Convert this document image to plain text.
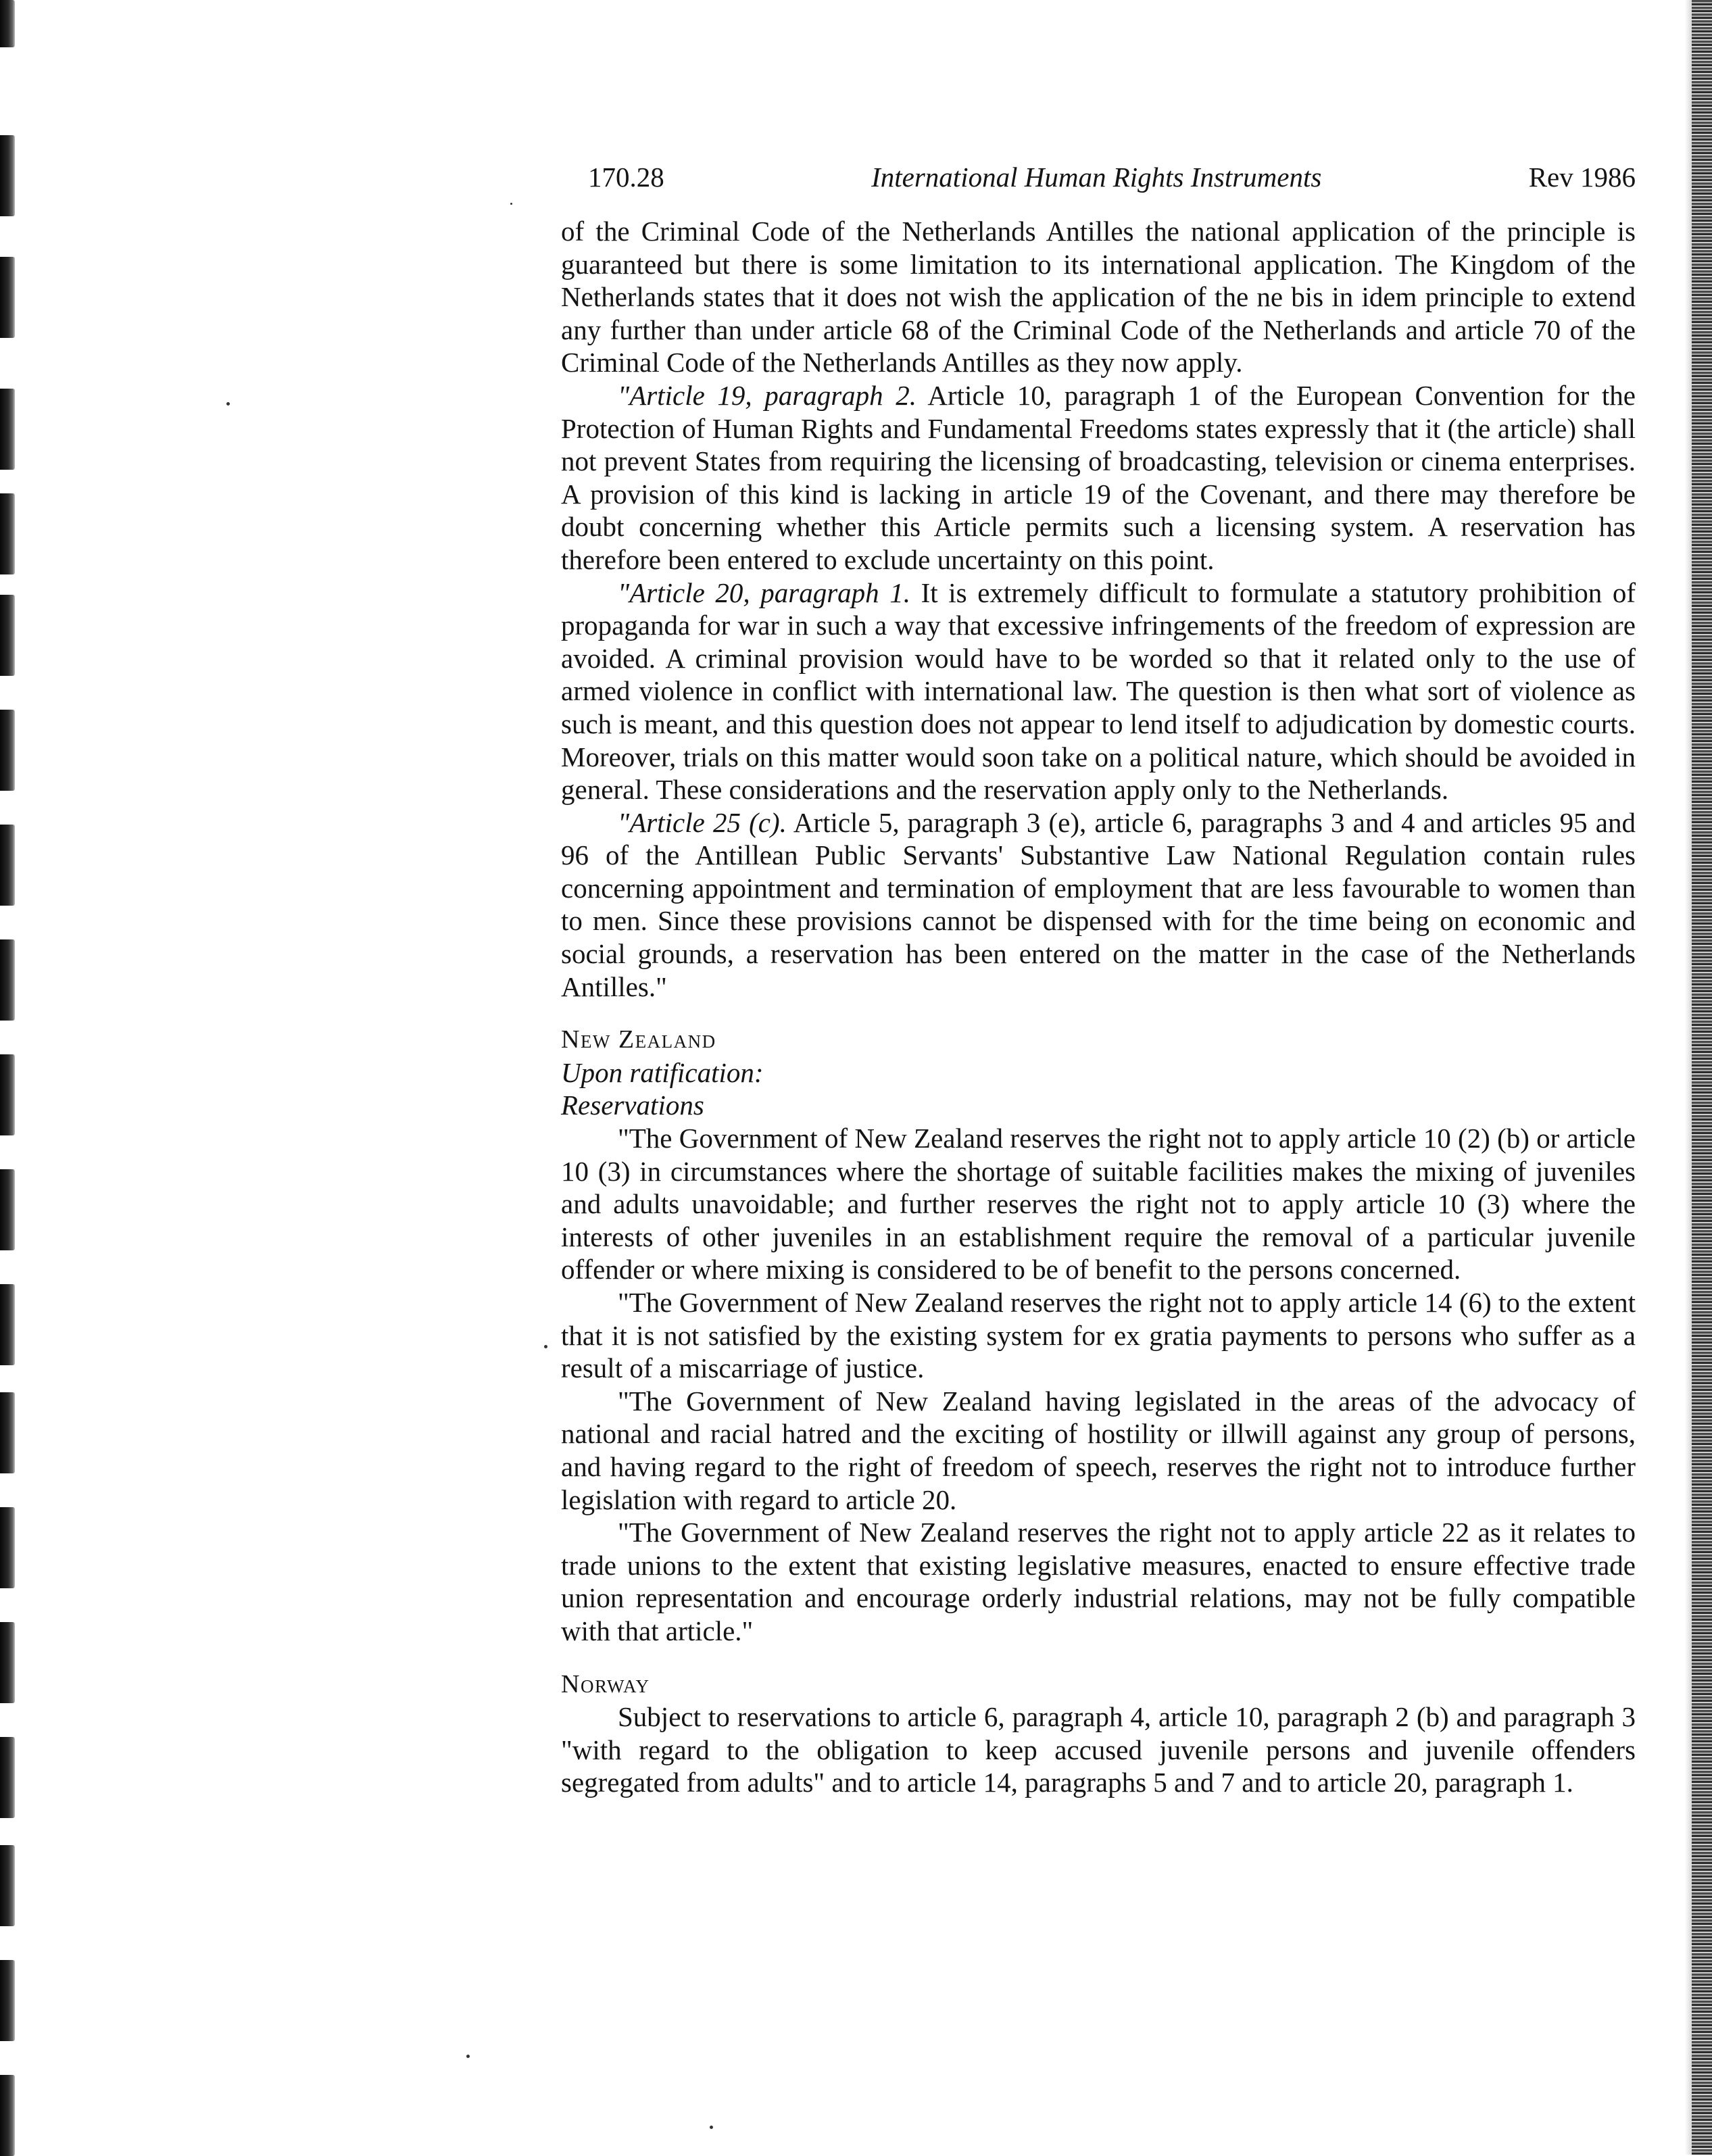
170.28	International Human Rights Instruments	Rev 1986

of the Criminal Code of the Netherlands Antilles the national application of the principle is guaranteed but there is some limitation to its international application. The Kingdom of the Netherlands states that it does not wish the application of the ne bis in idem principle to extend any further than under article 68 of the Criminal Code of the Netherlands and article 70 of the Criminal Code of the Netherlands Antilles as they now apply.

"Article 19, paragraph 2. Article 10, paragraph 1 of the European Convention for the Protection of Human Rights and Fundamental Freedoms states expressly that it (the article) shall not prevent States from requiring the licensing of broadcasting, television or cinema enterprises. A provision of this kind is lacking in article 19 of the Covenant, and there may therefore be doubt concerning whether this Article permits such a licensing system. A reservation has therefore been entered to exclude uncertainty on this point.

"Article 20, paragraph 1. It is extremely difficult to formulate a statutory prohibition of propaganda for war in such a way that excessive infringements of the freedom of expression are avoided. A criminal provision would have to be worded so that it related only to the use of armed violence in conflict with international law. The question is then what sort of violence as such is meant, and this question does not appear to lend itself to adjudication by domestic courts. Moreover, trials on this matter would soon take on a political nature, which should be avoided in general. These considerations and the reservation apply only to the Netherlands.

"Article 25 (c). Article 5, paragraph 3 (e), article 6, paragraphs 3 and 4 and articles 95 and 96 of the Antillean Public Servants' Substantive Law National Regulation contain rules concerning appointment and termination of employment that are less favourable to women than to men. Since these provisions cannot be dispensed with for the time being on economic and social grounds, a reservation has been entered on the matter in the case of the Netherlands Antilles."

New Zealand

Upon ratification:

Reservations

"The Government of New Zealand reserves the right not to apply article 10 (2) (b) or article 10 (3) in circumstances where the shortage of suitable facilities makes the mixing of juveniles and adults unavoidable; and further reserves the right not to apply article 10 (3) where the interests of other juveniles in an establishment require the removal of a particular juvenile offender or where mixing is considered to be of benefit to the persons concerned.

"The Government of New Zealand reserves the right not to apply article 14 (6) to the extent that it is not satisfied by the existing system for ex gratia payments to persons who suffer as a result of a miscarriage of justice.

"The Government of New Zealand having legislated in the areas of the advocacy of national and racial hatred and the exciting of hostility or illwill against any group of persons, and having regard to the right of freedom of speech, reserves the right not to introduce further legislation with regard to article 20.

"The Government of New Zealand reserves the right not to apply article 22 as it relates to trade unions to the extent that existing legislative measures, enacted to ensure effective trade union representation and encourage orderly industrial relations, may not be fully compatible with that article."

Norway

Subject to reservations to article 6, paragraph 4, article 10, paragraph 2 (b) and paragraph 3 "with regard to the obligation to keep accused juvenile persons and juvenile offenders segregated from adults" and to article 14, paragraphs 5 and 7 and to article 20, paragraph 1.
